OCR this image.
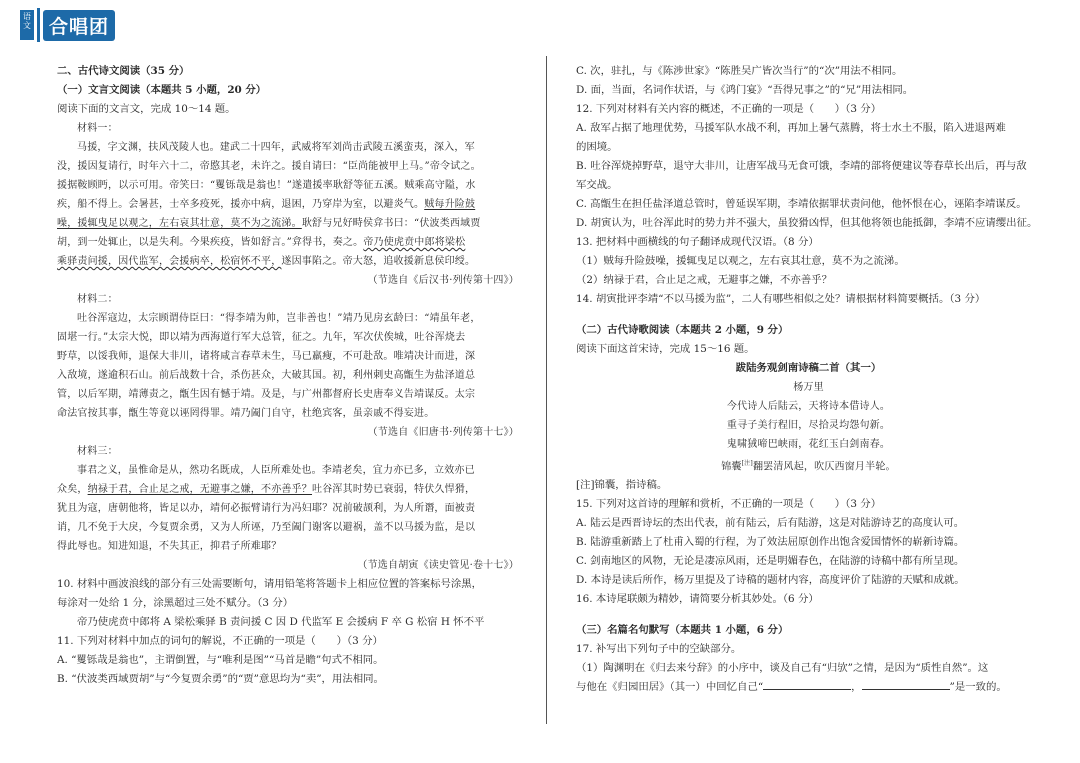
语文 合唱团
二、古代诗文阅读（35 分）
（一）文言文阅读（本题共 5 小题，20 分）
阅读下面的文言文，完成 10～14 题。
材料一：
马援，字文渊，扶风茂陵人也。建武二十四年，武威将军刘尚击武陵五溪蛮夷，深入，军
没，援因复请行，时年六十二，帝愍其老，未许之。援自请曰：“臣尚能被甲上马。”帝令试之。
援据鞍顾眄，以示可用。帝笑曰：“矍铄哉是翁也！”遂遣援率耿舒等征五溪。贼乘高守隘，水
疾，船不得上。会暑甚，士卒多疫死，援亦中病，退困，乃穿岸为室，以避炎气。贼每升险鼓
噪，援辄曳足以观之，左右哀其壮意，莫不为之流涕。耿舒与兄好畤侯弇书曰：“伏波类西域贾
胡，到一处辄止，以是失利。今果疾疫，皆如舒言。”弇得书，奏之。帝乃使虎贲中郎将梁松
乘驿责问援，因代监军，会援病卒，松宿怀不平，遂因事陷之。帝大怒，追收援新息侯印绶。
（节选自《后汉书·列传第十四》）
材料二：
吐谷浑寇边，太宗顾谓侍臣曰：“得李靖为帅，岂非善也！”靖乃见房玄龄曰：“靖虽年老，
固堪一行。”太宗大悦，即以靖为西海道行军大总管，征之。九年，军次伏俟城，吐谷浑烧去
野草，以馁我师，退保大非川，诸将咸言春草未生，马已羸瘦，不可赴敌。唯靖决计而进，深
入敌境，遂逾积石山。前后战数十合，杀伤甚众，大破其国。初，利州刺史高甑生为盐泽道总
管，以后军期，靖薄责之，甑生因有憾于靖。及是，与广州都督府长史唐奉义告靖谋反。太宗
命法官按其事，甑生等竟以诬罔得罪。靖乃阖门自守，杜绝宾客，虽亲戚不得妄进。
（节选自《旧唐书·列传第十七》）
材料三：
事君之义，虽惟命是从，然功名既成，人臣所难处也。李靖老矣，宜力亦已多，立效亦已
众矣，纳禄于君，合止足之戒，无避事之嫌，不亦善乎？吐谷浑其时势已衰弱，特伏久悍猾，
犹且为寇，唐朝他将，皆足以办，靖何必振臂请行为冯妇耶？况前破颉利，为人所谮，面被责
诮，几不免于大戾，今复贾余勇，又为人所诬，乃至阖门谢客以避祸，盖不以马援为监，是以
得此辱也。知进知退，不失其正，抑君子所难耶？
（节选自胡寅《读史管见·卷十七》）
10. 材料中画波浪线的部分有三处需要断句，请用铅笔将答题卡上相应位置的答案标号涂黑，
每涂对一处给 1 分，涂黑超过三处不赋分。（3 分）
帝乃使虎贲中郎将 A 梁松乘驿 B 责问援 C 因 D 代监军 E 会援病 F 卒 G 松宿 H 怀不平
11. 下列对材料中加点的词句的解说，不正确的一项是（　　）（3 分）
A. “矍铄哉是翁也”，主谓倒置，与“唯利是图”“马首是瞻”句式不相同。
B. “伏波类西域贾胡”与“今复贾余勇”的“贾”意思均为“卖”，用法相同。
C. 次，驻扎，与《陈涉世家》“陈胜吴广皆次当行”的“次”用法不相同。
D. 面，当面，名词作状语，与《鸿门宴》“吾得兄事之”的“兄”用法相同。
12. 下列对材料有关内容的概述，不正确的一项是（　　）（3 分）
A. 敌军占据了地理优势，马援军队水战不利，再加上暑气蒸腾，将士水土不服，陷入进退两难
的困境。
B. 吐谷浑烧掉野草，退守大非川，让唐军战马无食可饿，李靖的部将便建议等春草长出后，再与敌
军交战。
C. 高甑生在担任盐泽道总管时，曾延误军期，李靖依据罪状责问他，他怀恨在心，诬陷李靖谋反。
D. 胡寅认为，吐谷浑此时的势力并不强大，虽狡猾凶悍，但其他将领也能抵御，李靖不应请缨出征。
13. 把材料中画横线的句子翻译成现代汉语。（8 分）
（1）贼每升险鼓噪，援辄曳足以观之，左右哀其壮意，莫不为之流涕。
（2）纳禄于君，合止足之戒，无避事之嫌，不亦善乎？
14. 胡寅批评李靖“不以马援为监”，二人有哪些相似之处？请根据材料简要概括。（3 分）
（二）古代诗歌阅读（本题共 2 小题，9 分）
阅读下面这首宋诗，完成 15～16 题。
跋陆务观剑南诗稿二首（其一）
杨万里
今代诗人后陆云，天将诗本借诗人。
重寻子美行程旧，尽拾灵均怨句新。
鬼啸狨啼巴峡雨，花红玉白剑南春。
锦囊[注]翻罢清风起，吹仄西窗月半轮。
[注]锦囊，指诗稿。
15. 下列对这首诗的理解和赏析，不正确的一项是（　　）（3 分）
A. 陆云是西晋诗坛的杰出代表，前有陆云，后有陆游，这是对陆游诗艺的高度认可。
B. 陆游重新踏上了杜甫入蜀的行程，为了效法屈原创作出饱含爱国情怀的崭新诗篇。
C. 剑南地区的风物，无论是凄凉风雨，还是明媚春色，在陆游的诗稿中都有所呈现。
D. 本诗是读后所作，杨万里提及了诗稿的题材内容，高度评价了陆游的天赋和成就。
16. 本诗尾联颇为精妙，请简要分析其妙处。（6 分）
（三）名篇名句默写（本题共 1 小题，6 分）
17. 补写出下列句子中的空缺部分。
（1）陶渊明在《归去来兮辞》的小序中，谈及自己有“归欤”之情，是因为“质性自然”。这
与他在《归园田居》（其一）中回忆自己“	，	”是一致的。
